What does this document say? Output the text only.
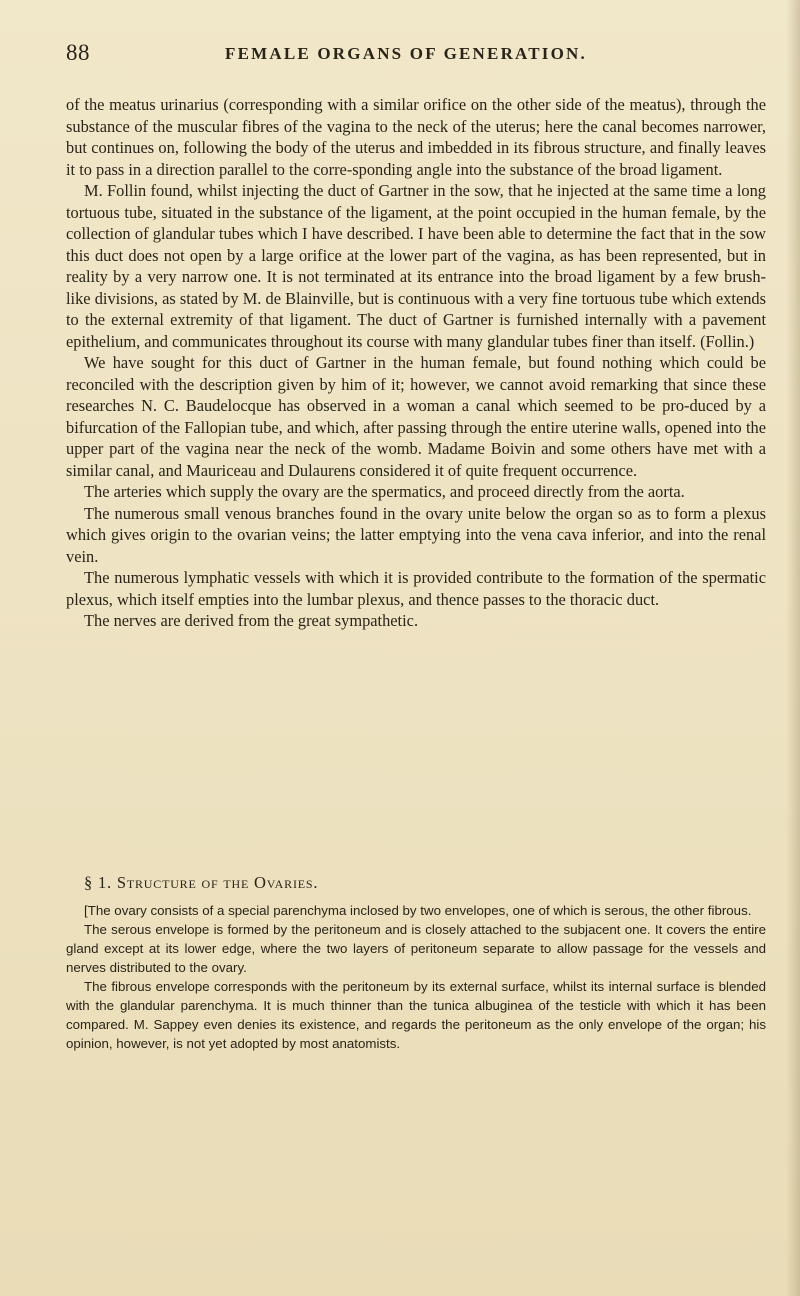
88	FEMALE ORGANS OF GENERATION.

of the meatus urinarius (corresponding with a similar orifice on the other side of the meatus), through the substance of the muscular fibres of the vagina to the neck of the uterus; here the canal becomes narrower, but continues on, following the body of the uterus and imbedded in its fibrous structure, and finally leaves it to pass in a direction parallel to the corre-sponding angle into the substance of the broad ligament.

M. Follin found, whilst injecting the duct of Gartner in the sow, that he injected at the same time a long tortuous tube, situated in the substance of the ligament, at the point occupied in the human female, by the collection of glandular tubes which I have described. I have been able to determine the fact that in the sow this duct does not open by a large orifice at the lower part of the vagina, as has been represented, but in reality by a very narrow one. It is not terminated at its entrance into the broad ligament by a few brush-like divisions, as stated by M. de Blainville, but is continuous with a very fine tortuous tube which extends to the external extremity of that ligament. The duct of Gartner is furnished internally with a pavement epithelium, and communicates throughout its course with many glandular tubes finer than itself. (Follin.)

We have sought for this duct of Gartner in the human female, but found nothing which could be reconciled with the description given by him of it; however, we cannot avoid remarking that since these researches N. C. Baudelocque has observed in a woman a canal which seemed to be pro-duced by a bifurcation of the Fallopian tube, and which, after passing through the entire uterine walls, opened into the upper part of the vagina near the neck of the womb. Madame Boivin and some others have met with a similar canal, and Mauriceau and Dulaurens considered it of quite frequent occurrence.

The arteries which supply the ovary are the spermatics, and proceed directly from the aorta.

The numerous small venous branches found in the ovary unite below the organ so as to form a plexus which gives origin to the ovarian veins; the latter emptying into the vena cava inferior, and into the renal vein.

The numerous lymphatic vessels with which it is provided contribute to the formation of the spermatic plexus, which itself empties into the lumbar plexus, and thence passes to the thoracic duct.

The nerves are derived from the great sympathetic.

§ 1. Structure of the Ovaries.

[The ovary consists of a special parenchyma inclosed by two envelopes, one of which is serous, the other fibrous.

The serous envelope is formed by the peritoneum and is closely attached to the subjacent one. It covers the entire gland except at its lower edge, where the two layers of peritoneum separate to allow passage for the vessels and nerves distributed to the ovary.

The fibrous envelope corresponds with the peritoneum by its external surface, whilst its internal surface is blended with the glandular parenchyma. It is much thinner than the tunica albuginea of the testicle with which it has been compared. M. Sappey even denies its existence, and regards the peritoneum as the only envelope of the organ; his opinion, however, is not yet adopted by most anatomists.
